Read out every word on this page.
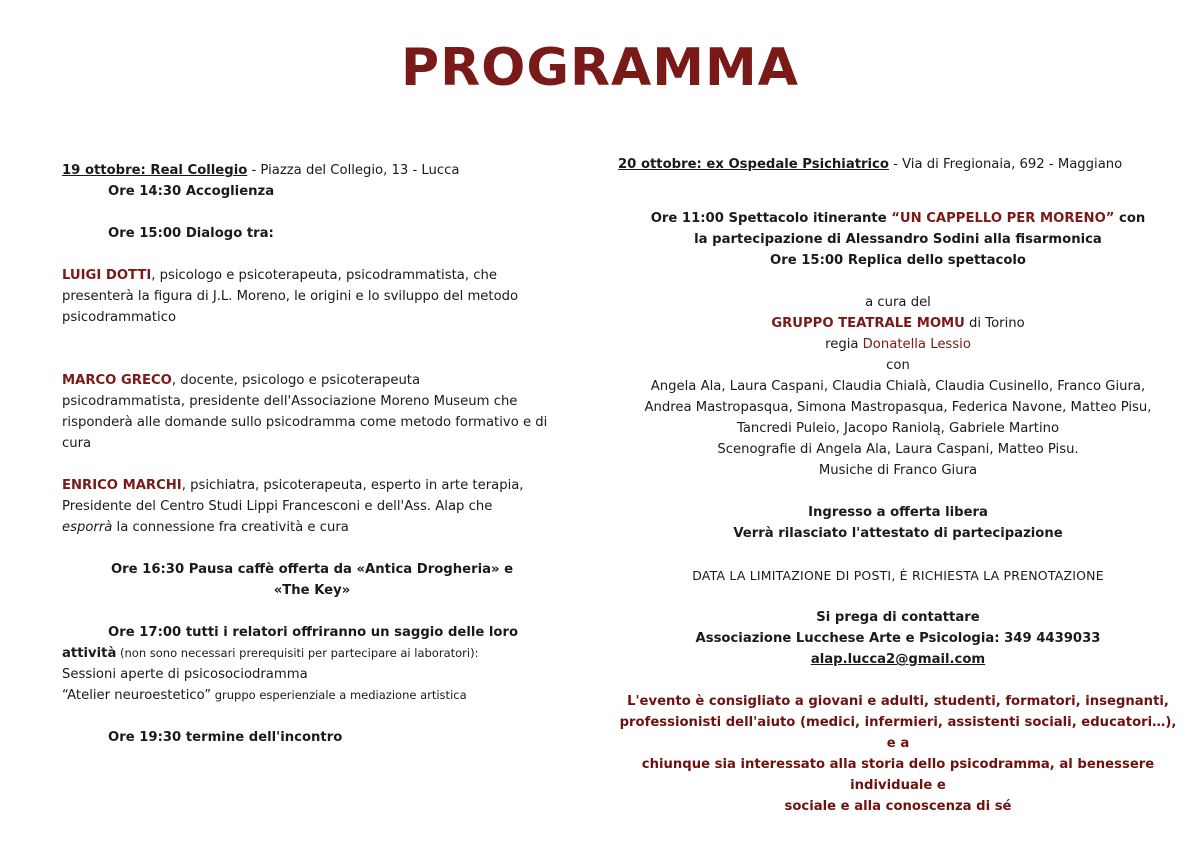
PROGRAMMA

19 ottobre: Real Collegio - Piazza del Collegio, 13 - Lucca

Ore 14:30 Accoglienza

Ore 15:00 Dialogo tra:

LUIGI DOTTI, psicologo e psicoterapeuta, psicodrammatista, che

presenterà la figura di J.L. Moreno, le origini e lo sviluppo del metodo

psicodrammatico

MARCO GRECO, docente, psicologo e psicoterapeuta

psicodrammatista, presidente dell'Associazione Moreno Museum che

risponderà alle domande sullo psicodramma come metodo formativo e di

cura

ENRICO MARCHI, psichiatra, psicoterapeuta, esperto in arte terapia,

Presidente del Centro Studi Lippi Francesconi e dell'Ass. Alap che

esporrà la connessione fra creatività e cura

Ore 16:30 Pausa caffè offerta da «Antica Drogheria» e

«The Key»

Ore 17:00 tutti i relatori offriranno un saggio delle loro

attività (non sono necessari prerequisiti per partecipare ai laboratori):

Sessioni aperte di psicosociodramma

“Atelier neuroestetico” gruppo esperienziale a mediazione artistica

Ore 19:30 termine dell'incontro

20 ottobre: ex Ospedale Psichiatrico - Via di Fregionaia, 692 - Maggiano

Ore 11:00 Spettacolo itinerante “UN CAPPELLO PER MORENO” con

la partecipazione di Alessandro Sodini alla fisarmonica

Ore 15:00 Replica dello spettacolo

a cura del

GRUPPO TEATRALE MOMU di Torino

regia Donatella Lessio

con

Angela Ala, Laura Caspani, Claudia Chialà, Claudia Cusinello, Franco Giura,

Andrea Mastropasqua, Simona Mastropasqua, Federica Navone, Matteo Pisu,

Tancredi Puleio, Jacopo Raniolą, Gabriele Martino

Scenografie di Angela Ala, Laura Caspani, Matteo Pisu.

Musiche di Franco Giura

Ingresso a offerta libera

Verrà rilasciato l'attestato di partecipazione

DATA LA LIMITAZIONE DI POSTI, È RICHIESTA LA PRENOTAZIONE

Si prega di contattare

Associazione Lucchese Arte e Psicologia: 349 4439033

alap.lucca2@gmail.com

L'evento è consigliato a giovani e adulti, studenti, formatori, insegnanti,

professionisti dell'aiuto (medici, infermieri, assistenti sociali, educatori…), e a

chiunque sia interessato alla storia dello psicodramma, al benessere individuale e

sociale e alla conoscenza di sé
